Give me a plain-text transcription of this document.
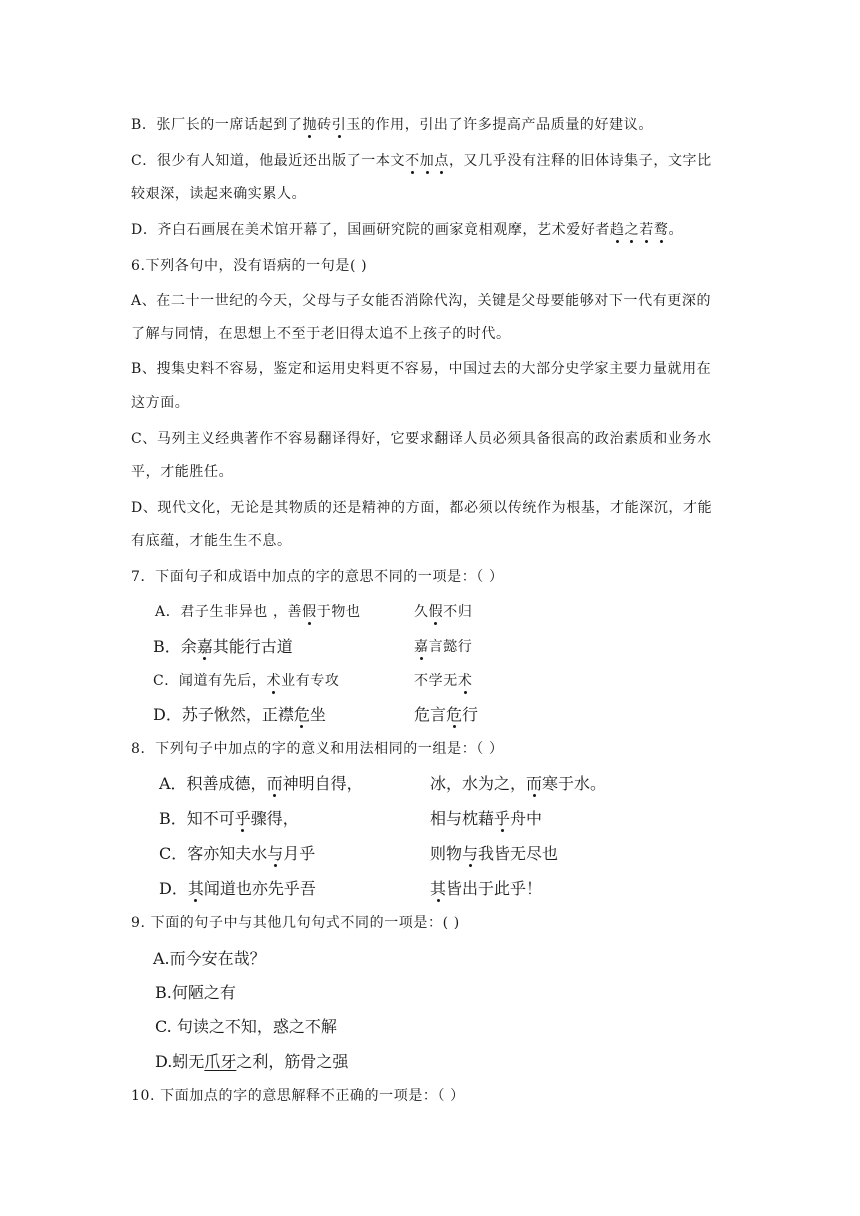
B．张厂长的一席话起到了抛砖引玉的作用，引出了许多提高产品质量的好建议。
C．很少有人知道，他最近还出版了一本文不加点，又几乎没有注释的旧体诗集子，文字比
较艰深，读起来确实累人。
D．齐白石画展在美术馆开幕了，国画研究院的画家竟相观摩，艺术爱好者趋之若鹜。
6.下列各句中，没有语病的一句是( )
A、在二十一世纪的今天，父母与子女能否消除代沟，关键是父母要能够对下一代有更深的
了解与同情，在思想上不至于老旧得太追不上孩子的时代。
B、搜集史料不容易，鉴定和运用史料更不容易，中国过去的大部分史学家主要力量就用在
这方面。
C、马列主义经典著作不容易翻译得好，它要求翻译人员必须具备很高的政治素质和业务水
平，才能胜任。
D、现代文化，无论是其物质的还是精神的方面，都必须以传统作为根基，才能深沉，才能
有底蕴，才能生生不息。
7．下面句子和成语中加点的字的意思不同的一项是：（ ）
A．君子生非异也 ，善假于物也	久假不归
B．余嘉其能行古道	嘉言懿行
C．闻道有先后，术业有专攻	不学无术
D．苏子愀然，正襟危坐	危言危行
8．下列句子中加点的字的意义和用法相同的一组是：（ ）
A．积善成德，而神明自得，	冰，水为之，而寒于水。
B．知不可乎骤得，	相与枕藉乎舟中
C．客亦知夫水与月乎	则物与我皆无尽也
D．其闻道也亦先乎吾	其皆出于此乎！
9. 下面的句子中与其他几句句式不同的一项是：( )
A.而今安在哉？
B.何陋之有
C. 句读之不知，惑之不解
D.蚓无爪牙之利，筋骨之强
10. 下面加点的字的意思解释不正确的一项是：（ ）
